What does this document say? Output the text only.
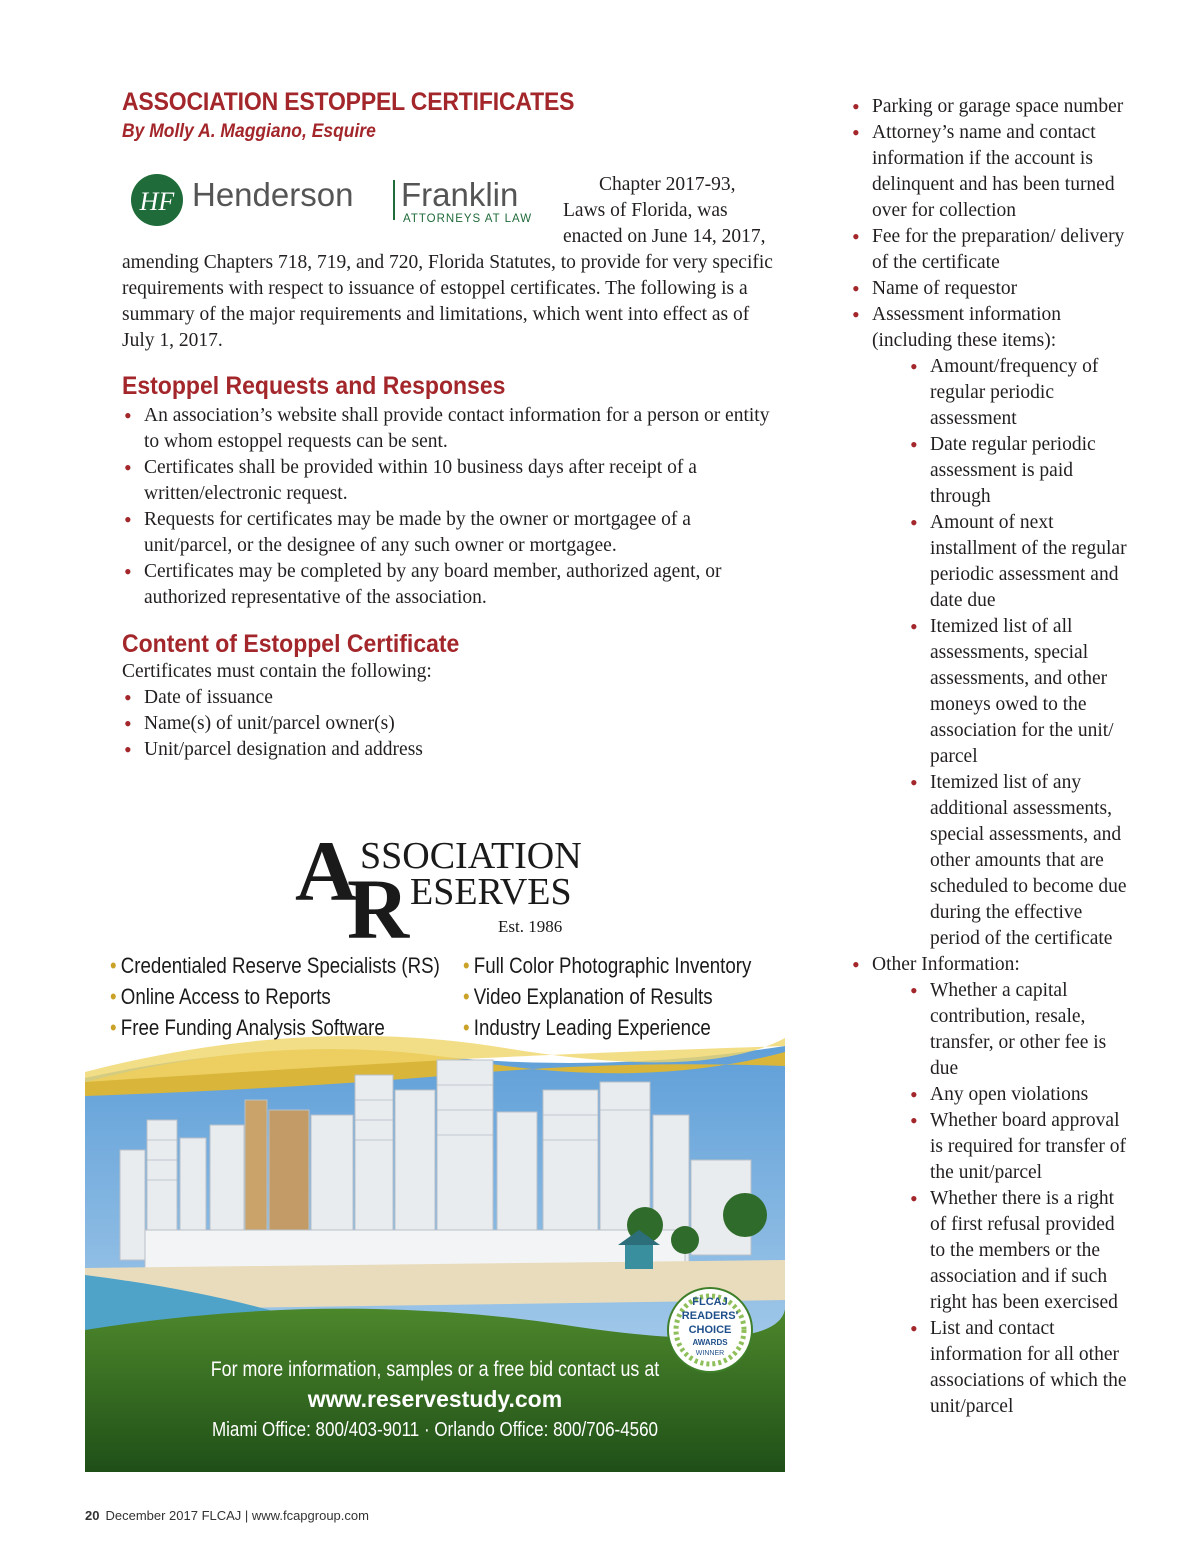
ASSOCIATION ESTOPPEL CERTIFICATES

By Molly A. Maggiano, Esquire

HF Henderson Franklin
ATTORNEYS AT LAW
Chapter 2017-93,
Laws of Florida, was
enacted on June 14, 2017,
amending Chapters 718, 719, and 720, Florida Statutes, to provide for very specific requirements with respect to issuance of estoppel certificates. The following is a summary of the major requirements and limitations, which went into effect as of July 1, 2017.
Estoppel Requests and Responses
• An association’s website shall provide contact information for a person or entity to whom estoppel requests can be sent.
• Certificates shall be provided within 10 business days after receipt of a written/electronic request.
• Requests for certificates may be made by the owner or mortgagee of a unit/parcel, or the designee of any such owner or mortgagee.
• Certificates may be completed by any board member, authorized agent, or authorized representative of the association.
Content of Estoppel Certificate
Certificates must contain the following:
• Date of issuance
• Name(s) of unit/parcel owner(s)
• Unit/parcel designation and address
• Parking or garage space number
• Attorney’s name and contact information if the account is delinquent and has been turned over for collection
• Fee for the preparation/ delivery of the certificate
• Name of requestor
• Assessment information (including these items):
• Amount/frequency of regular periodic assessment
• Date regular periodic assessment is paid through
• Amount of next installment of the regular periodic assessment and date due
• Itemized list of all assessments, special assessments, and other moneys owed to the association for the unit/ parcel
• Itemized list of any additional assessments, special assessments, and other amounts that are scheduled to become due during the effective period of the certificate
• Other Information:
• Whether a capital contribution, resale, transfer, or other fee is due
• Any open violations
• Whether board approval is required for transfer of the unit/parcel
• Whether there is a right of first refusal provided to the members or the association and if such right has been exercised
• List and contact information for all other associations of which the unit/parcel
A SSOCIATION
R ESERVES
Est. 1986
FLCAJ
READERS'
CHOICE
AWARDS
WINNER
• Credentialed Reserve Specialists (RS)
• Online Access to Reports
• Free Funding Analysis Software
• Full Color Photographic Inventory
• Video Explanation of Results
• Industry Leading Experience
For more information, samples or a free bid contact us at
www.reservestudy.com
Miami Office: 800/403-9011 · Orlando Office: 800/706-4560
20 December 2017 FLCAJ | www.fcapgroup.com
